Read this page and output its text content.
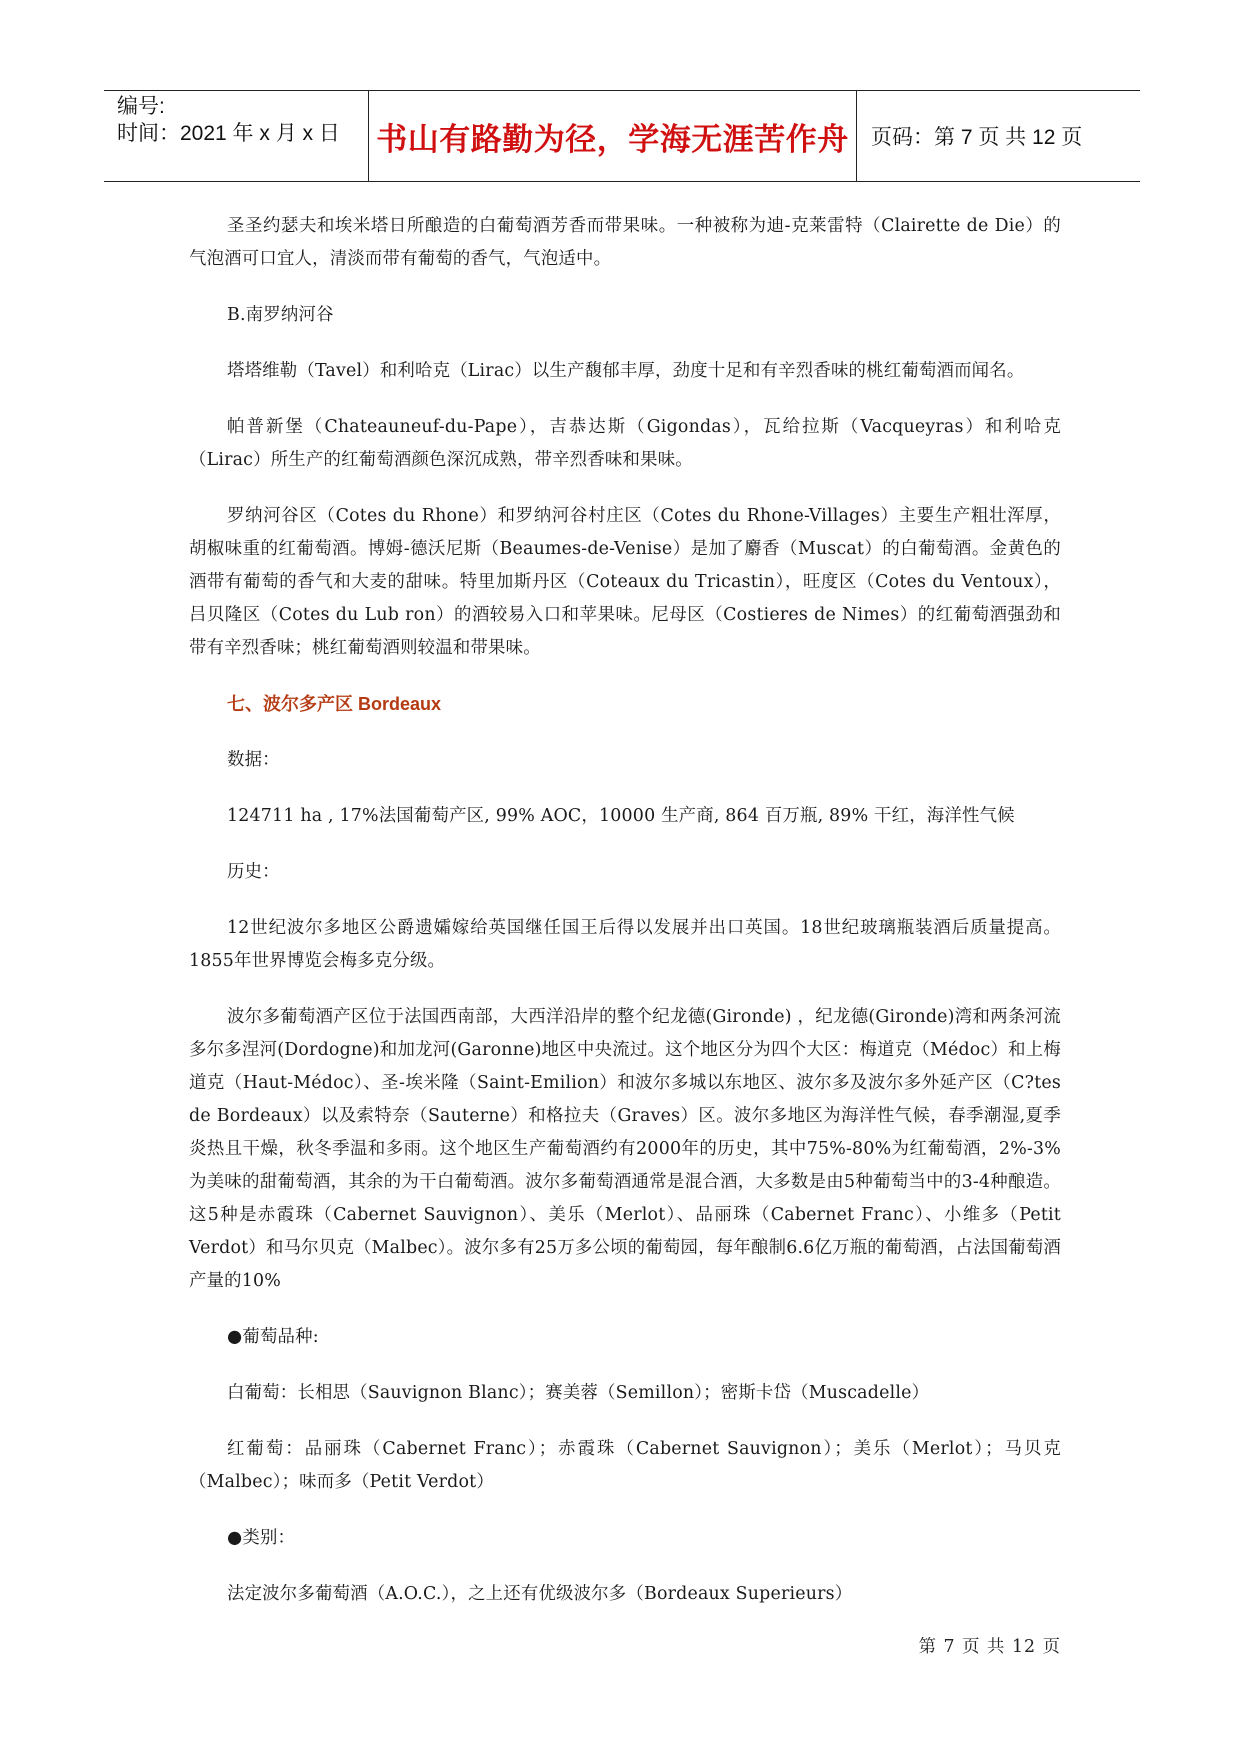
编号:
时间：2021 年 x 月 x 日 书山有路勤为径，学海无涯苦作舟 页码：第 7 页 共 12 页

圣圣约瑟夫和埃米塔日所酿造的白葡萄酒芳香而带果味。一种被称为迪-克莱雷特（Clairette de Die）的气泡酒可口宜人，清淡而带有葡萄的香气，气泡适中。

B.南罗纳河谷

塔塔维勒（Tavel）和利哈克（Lirac）以生产馥郁丰厚，劲度十足和有辛烈香味的桃红葡萄酒而闻名。

帕普新堡（Chateauneuf-du-Pape），吉恭达斯（Gigondas），瓦给拉斯（Vacqueyras）和利哈克（Lirac）所生产的红葡萄酒颜色深沉成熟，带辛烈香味和果味。

罗纳河谷区（Cotes du Rhone）和罗纳河谷村庄区（Cotes du Rhone-Villages）主要生产粗壮浑厚，胡椒味重的红葡萄酒。博姆-德沃尼斯（Beaumes-de-Venise）是加了麝香（Muscat）的白葡萄酒。金黄色的酒带有葡萄的香气和大麦的甜味。特里加斯丹区（Coteaux du Tricastin），旺度区（Cotes du Ventoux），吕贝隆区（Cotes du Lub ron）的酒较易入口和苹果味。尼母区（Costieres de Nimes）的红葡萄酒强劲和带有辛烈香味；桃红葡萄酒则较温和带果味。

七、波尔多产区 Bordeaux

数据：

124711 ha , 17%法国葡萄产区, 99% AOC，10000 生产商, 864 百万瓶, 89% 干红，海洋性气候

历史：

12世纪波尔多地区公爵遗孀嫁给英国继任国王后得以发展并出口英国。18世纪玻璃瓶装酒后质量提高。1855年世界博览会梅多克分级。

波尔多葡萄酒产区位于法国西南部，大西洋沿岸的整个纪龙德(Gironde) ，纪龙德(Gironde)湾和两条河流多尔多涅河(Dordogne)和加龙河(Garonne)地区中央流过。这个地区分为四个大区：梅道克（Médoc）和上梅道克（Haut-Médoc）、圣-埃米隆（Saint-Emilion）和波尔多城以东地区、波尔多及波尔多外延产区（C?tes de Bordeaux）以及索特奈（Sauterne）和格拉夫（Graves）区。波尔多地区为海洋性气候，春季潮湿,夏季炎热且干燥，秋冬季温和多雨。这个地区生产葡萄酒约有2000年的历史，其中75%-80%为红葡萄酒，2%-3%为美味的甜葡萄酒，其余的为干白葡萄酒。波尔多葡萄酒通常是混合酒，大多数是由5种葡萄当中的3-4种酿造。这5种是赤霞珠（Cabernet Sauvignon）、美乐（Merlot）、品丽珠（Cabernet Franc）、小维多（Petit Verdot）和马尔贝克（Malbec）。波尔多有25万多公顷的葡萄园，每年酿制6.6亿万瓶的葡萄酒，占法国葡萄酒产量的10%

●葡萄品种:

白葡萄：长相思（Sauvignon Blanc）；赛美蓉（Semillon）；密斯卡岱（Muscadelle）

红葡萄：品丽珠（Cabernet Franc）；赤霞珠（Cabernet Sauvignon）；美乐（Merlot）；马贝克（Malbec）；味而多（Petit Verdot）

●类别：

法定波尔多葡萄酒（A.O.C.），之上还有优级波尔多（Bordeaux Superieurs）

第 7 页 共 12 页
